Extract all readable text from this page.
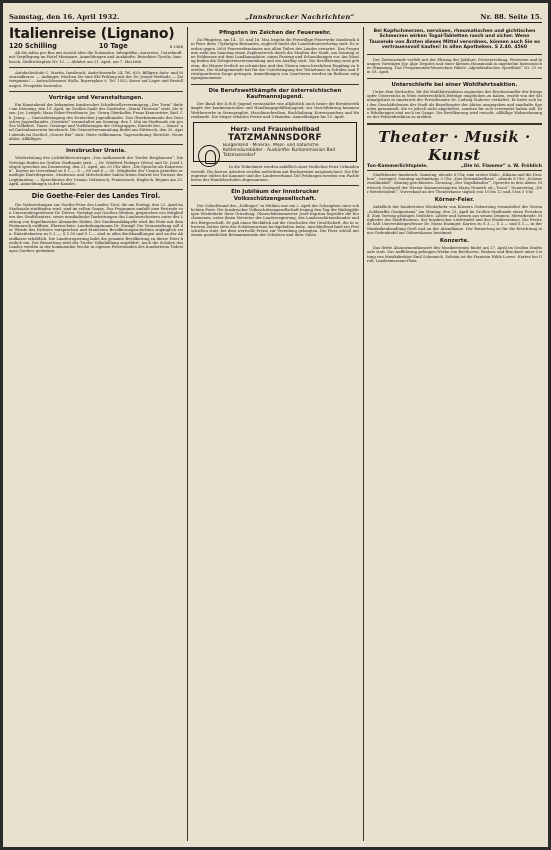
Samstag, den 16. April 1932.	„Innsbrucker Nachrichten“	Nr. 88. Seite 15.
Italienreise (Lignano)
120 Schilling	10 Tage	6 1468

Ab die Adria per Bus mit zurück über die Dolomiten. Inbegriffen: Autoreise, Unterkunft mit Verpflegung im Hotel Miramare. Anmeldungen und Auskünfte: Reisebüro Tyrolis, Innsbruck, Südtirolerplatz Nr. 12. — Abfahrt am 21. April, am 7. Mai früh.

Autofachschule C. Martin, Innsbruck, Andechsstraße 24, Tel. 629. Billigste Auto- und Motorradkurse. — Anfänger, Machen Sie eine Kfz-Prüfung mit der Dr. Jrisser-Methode — Zeitersparnis! — Autoschlosserei Wallo, Bayrerplatz 9, Tel. 1553, Kurse auf Lager und Bestellungen. Prospekte kostenlos.

Vorträge und Veranstaltungen.

Ein Kunstabend der bekannten Innsbrucker Schriftstellervereinigung „Der Turm“ findet am Dienstag, den 19. April, im Großen Saale des Gasthofes „Maria Theresia“ statt. Sie lesen: Jos. Leitgeb, Hans Faber-Perathoner, Jos. Georg Oberkofler, Franz Kranewitter, Rud. Ch. Jenny. — Gautodtentagung des Deutschen Jugendbundes. Das Oberkommando des Deutschen Jugendbundes „Vorwärts“ veranstaltet am Sonntag, den 1. Mai im Stadtsaale ein großes Volksfest. Tänze, Gesänge und Vorführungen der Ortsgruppen, Eintritt frei. — Kunst- und Gartenbauverein Innsbruck. Die Generalversammlung findet am Mittwoch, den 20. April abends im Gasthof „Grauer Bär“ statt. Gäste willkommen. Tagesordnung: Berichte, Neuwahlen, Allfälliges.

Innsbrucker Urania.

Wiederholung des Lichtbildervortrages „Das Aufbauwerk des Tiroler Bergbauern“. Die Vorträge finden im Großen Stadtsaale statt. — Dr. Winfried Fiebiger (Wien) und Dr. Josef Leitgeb sprechen am Donnerstag, den 21. April, um 20 Uhr über „Die Sprache als Kunstwerk“. Karten im Vorverkauf zu S 1.—, S —.80 und S —.50. Mitglieder der Urania genießen ermäßigte Eintrittspreise. Studenten und Mittelschüler haben freien Eintritt bei Vorweis der Legitimation. — Sprachkurse der Urania: Italienisch, Französisch, Englisch, Beginn am 25. April, Anmeldungen in der Kanzlei.

Die Goethe-Feier des Landes Tirol.

Die Vorbereitungen zur Goethe-Feier des Landes Tirol, die am Freitag, den 22. April im Stadtsaale stattfinden wird, sind im vollen Gange. Das Programm umfaßt eine Festrede von Universitätsprofessor Dr. Dörrer, Vorträge aus Goethes Werken, gesprochen von Mitgliedern des Stadttheaters, sowie musikalische Darbietungen des Landesorchesters unter der Leitung von Kapellmeister Alexander Rubini. Die Stadtmusikkapelle wird die Feier mit dem Festmarsch eröffnen. Ehrenschutz: Landeshauptmann Dr. Stumpf. Die Veranstaltung soll der Würde des Dichters entsprechen und breitesten Bevölkerungsschichten zugänglich sein. Eintrittskarten zu S 2.—, S 1.50 und S 1.— sind in allen Buchhandlungen und an der Abendkasse erhältlich. Die Landesregierung ladet die gesamte Bevölkerung zu dieser Feier herzlich ein. Der Reinertrag wird der Tiroler Volksbildung zugeführt. Auch die Schulen des Landes werden in der kommenden Woche in eigenen Feierstunden des hundertsten Todestages Goethes gedenken.

Pfingsten im Zeichen der Feuerwehr.

Zu Pfingsten, am 14., 15. und 16. Mai, begeht die Freiwillige Feuerwehr Innsbruck die Feier ihres 75jährigen Bestandes, zugleich findet der Landesfeuerwehrtag statt. Es werden gegen 3000 Feuerwehrmänner aus allen Teilen des Landes erwartet. Das Programm sieht am Samstag einen Zapfenstreich durch die Straßen der Stadt, am Sonntag eine Feldmesse auf dem Landhausplatze, einen Festzug und Schauübungen vor. Am Montag finden die Delegiertenversammlung und ein Ausflug statt. Die Bevölkerung wird gebeten, die Häuser festlich zu schmücken und den Gästen einen herzlichen Empfang zu bereiten. Die Stadtgemeinde hat für die Unterbringung der Teilnehmer in Schulen und Privatquartieren Sorge getragen. Anmeldungen von Quartieren werden im Rathaus entgegengenommen.

Die Berufswettkämpfe der österreichischen Kaufmannsjugend.

Der Bund der D.H.B.-Jugend veranstaltet wie alljährlich auch heuer die Berufswettkämpfe der kaufmännischen und Handlungsgehilfenjugend, zur Durchführung kommen Wettbewerbe in Stenographie, Maschinschreiben, Buchhaltung, Korrespondenz und Warenkunde. Die Sieger erhalten Preise und Urkunden. Anmeldungen bis 25. April.

Herz- und Frauenheilbad
TATZMANNSDORF
Burgenland · Mineral-, Moor- und natürliche Kohlensäurebäder · Auskünfte: Kurkommission Bad Tatzmannsdorf

In die Teilnehmer werden anläßlich einer festlichen Feier Urkunden verteilt. Die besten Arbeiten werden außerdem mit Buchpreisen ausgezeichnet. Die Ehrenpreise stiften die Kammer und der Landesverband. Die Prüfungen werden von Fachlehrern der Handelsschulen abgenommen.

Ein Jubiläum der Innsbrucker Volksschützengesellschaft.

Der Schießstand des „Dollinger“ in Mühlau war am 2. April der Schauplatz einer schlichten Feier. Die Innsbrucker Volksschützengesellschaft beging den Tag der fünfzigjährigen Wiederkehr ihrer Gründung. Oberschützenmeister Josef Kuprian begrüßte die Erschienenen, unter ihnen Vertreter der Landesregierung, des Landesschützenbundes und der Bürgerschaft. Er gab einen Rückblick auf die Geschichte der Gesellschaft, die in schweren Zeiten stets das Schützenwesen hochgehalten habe. Anschließend fand ein Festschießen statt, bei dem wertvolle Preise zur Verteilung gelangten. Die Feier schloß mit einem gemütlichen Beisammensein der Schützen und ihrer Gäste.

Bei Kopfschmerzen, nervösen, rheumatischen und gichtischen Schmerzen wirken Togal-Tabletten rasch und sicher. Wenn Tausende von Ärzten dieses Mittel verordnen, können auch Sie es vertrauensvoll kaufen! In allen Apotheken. S 2.40. 4560

Der Zeitenwende verlieh mit der Ehrung der Jubilare, Preisverteilung, Festessen und launigen Vorträgen Joy. Alpe Depoles und einer kleinen Hausmusik in angenehm harmonischer Stimmung. Das Festgemeinde-Verzeichnis führte „Alpenländisches Sportblatt“ Nr. 21 vom 18. April.

Unterschleife bei einer Wohlfahrtsaktion.

Unter dem Verdachte, für die Wohlfahrtsaktion zugunsten der Reichsstandler der Kriegsopfer Österreichs in Wien widerrechtlich Beträge eingehoben zu haben, wurde von der Kriminalpolizei in Innsbruck der Privatbeamte Dr. Ludwig Staberer verhaftet. Er hatte sich bei den Geschäftsleuten der Stadt als Beauftragter der Aktion ausgegeben und namhafte Spenden gesammelt, die er jedoch nicht abgeliefert, sondern für sich verwendet haben soll. Die Erhebungen sind noch im Gange. Die Bevölkerung wird ersucht, allfällige Wahrnehmungen der Polizeidirektion zu melden.

Theater · Musik · Kunst
Ton-Kammerlichtspiele.	„Die hl. Flamme“ v. W. Fröhlich

Stadttheater Innsbruck. Samstag, abends 8 Uhr, zum ersten Male: „Kiliana und die Drachen“, Lustspiel. Sonntag nachmittags 3 Uhr „Das Dreimäderlhaus“, abends 8 Uhr „Schwarzwaldmädel“. Montag geschlossen. Dienstag „Der Vogelhändler“, Operette in drei Akten. Mittwoch Gastspiel der Wiener Kammersängerin Maria Nemeth als „Tosca“. Donnerstag „Der Bettelstudent“. Vorverkauf an der Theaterkasse täglich von 10 bis 12 und 3 bis 5 Uhr.

Körner-Feier.

Anläßlich der hundertsten Wiederkehr von Körners Geburtstag veranstaltet der Verein „Schlaraffia Oenipontana“ am Montag, den 25. April im Großen Stadtsaale einen Festabend. Zum Vortrag gelangen Gedichte, Lieder und Szenen aus seinen Dramen. Mitwirkende: Mitglieder des Stadttheaters, der Innsbrucker Liedertafel und des Musikvereines. Die Festrede hält Universitätsprofessor Dr. Moriz Enzinger. Karten zu S 3.—, S 2.— und S 1.— in der Musikalienhandlung Groß und an der Abendkasse. Der Reinertrag ist für die Errichtung einer Gedenktafel am Geburtshause bestimmt.

Konzerte.

Das dritte Abonnementkonzert des Musikvereines findet am 27. April im Großen Stadtsaale statt. Zur Aufführung gelangen Werke von Beethoven, Brahms und Bruckner unter Leitung von Musikdirektor Emil Schennich. Solistin ist die Pianistin Hilde Loewe. Karten bei Groß, Landesmuseum-Platz.
